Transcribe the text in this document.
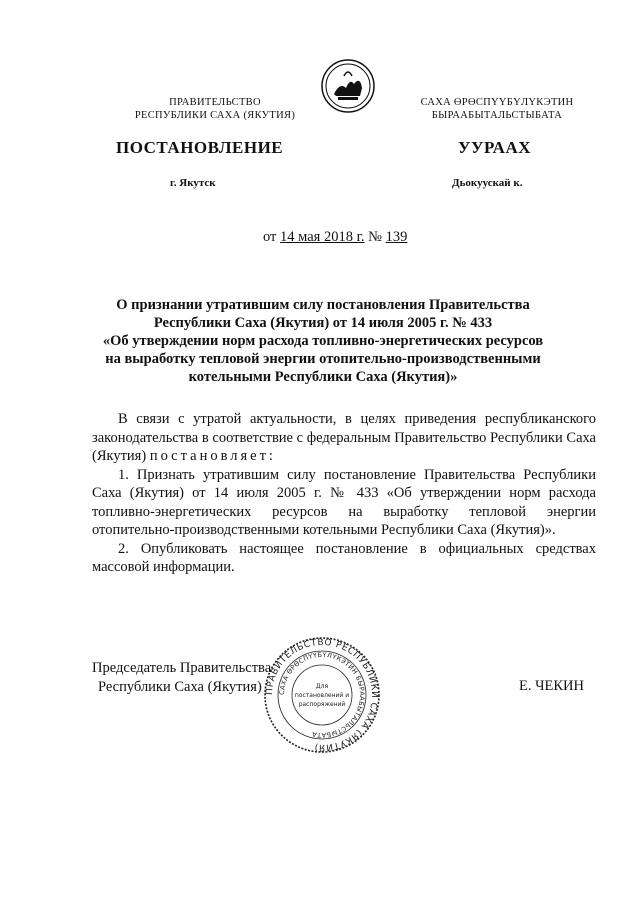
ПРАВИТЕЛЬСТВО
РЕСПУБЛИКИ САХА (ЯКУТИЯ)
САХА ӨРӨСПҮҮБҮЛҮКЭТИН
БЫРААБЫТАЛЬСТЫБАТА
ПОСТАНОВЛЕНИЕ	УУРААХ
г. Якутск	Дьокуускай к.
от 14 мая 2018 г. № 139
О признании утратившим силу постановления Правительства
Республики Саха (Якутия) от 14 июля 2005 г. № 433
«Об утверждении норм расхода топливно-энергетических ресурсов
на выработку тепловой энергии отопительно-производственными
котельными Республики Саха (Якутия)»

В связи с утратой актуальности, в целях приведения республиканского законодательства в соответствие с федеральным Правительство Республики Саха (Якутия) постановляет:

1. Признать утратившим силу постановление Правительства Республики Саха (Якутия) от 14 июля 2005 г. № 433 «Об утверждении норм расхода топливно-энергетических ресурсов на выработку тепловой энергии отопительно-производственными котельными Республики Саха (Якутия)».

2. Опубликовать настоящее постановление в официальных средствах массовой информации.

Председатель Правительства
Республики Саха (Якутия)	Е. ЧЕКИН
ПРАВИТЕЛЬСТВО РЕСПУБЛИКИ САХА (ЯКУТИЯ)
САХА ӨРӨСПҮҮБҮЛҮКЭТИН БЫРААБЫТАЛЬСТЫБАТА
Для
постановлений и
распоряжений
